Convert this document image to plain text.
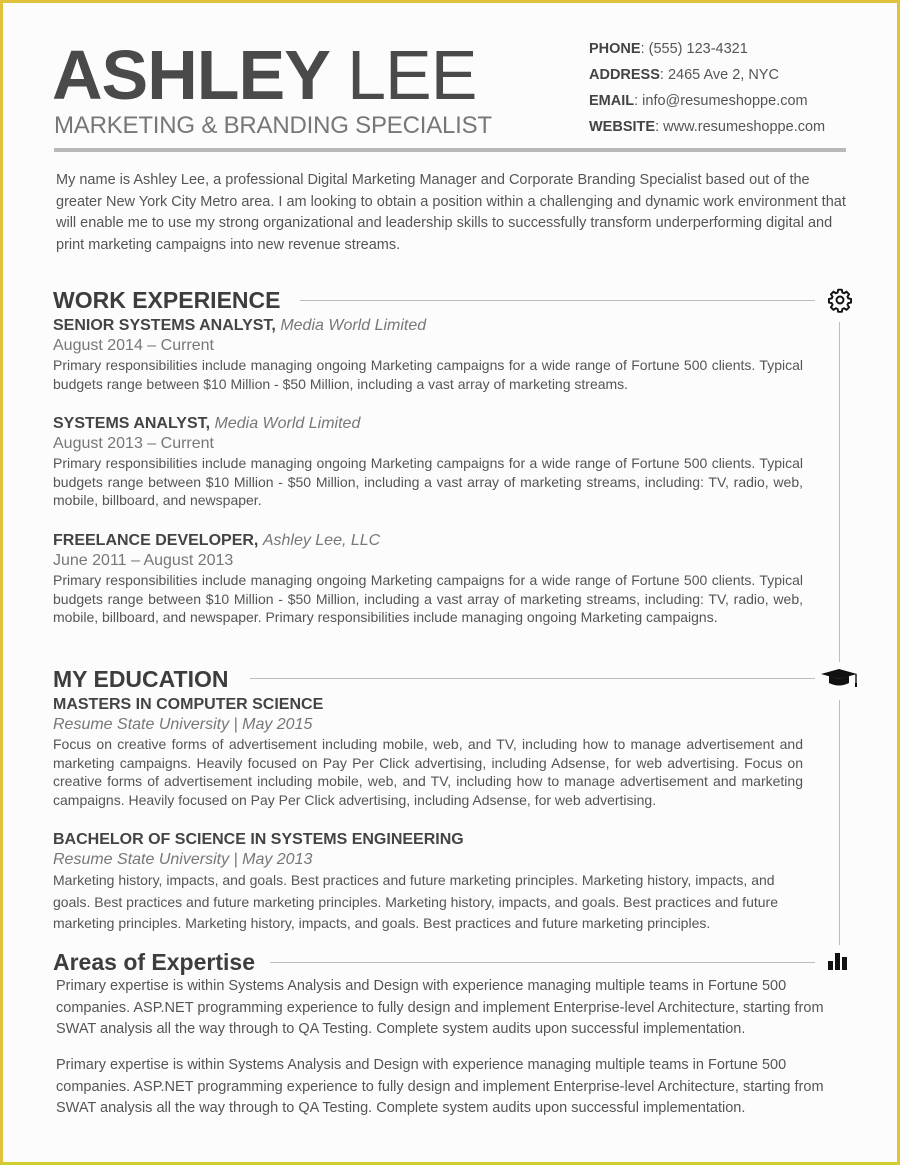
ASHLEY LEE
MARKETING & BRANDING SPECIALIST
PHONE: (555) 123-4321
ADDRESS: 2465 Ave 2, NYC
EMAIL: info@resumeshoppe.com
WEBSITE: www.resumeshoppe.com
My name is Ashley Lee, a professional Digital Marketing Manager and Corporate Branding Specialist based out of the greater New York City Metro area. I am looking to obtain a position within a challenging and dynamic work environment that will enable me to use my strong organizational and leadership skills to successfully transform underperforming digital and print marketing campaigns into new revenue streams.
WORK EXPERIENCE
SENIOR SYSTEMS ANALYST, Media World Limited
August 2014 – Current
Primary responsibilities include managing ongoing Marketing campaigns for a wide range of Fortune 500 clients. Typical budgets range between $10 Million - $50 Million, including a vast array of marketing streams.
SYSTEMS ANALYST, Media World Limited
August 2013 – Current
Primary responsibilities include managing ongoing Marketing campaigns for a wide range of Fortune 500 clients. Typical budgets range between $10 Million - $50 Million, including a vast array of marketing streams, including: TV, radio, web, mobile, billboard, and newspaper.
FREELANCE DEVELOPER, Ashley Lee, LLC
June 2011 – August 2013
Primary responsibilities include managing ongoing Marketing campaigns for a wide range of Fortune 500 clients. Typical budgets range between $10 Million - $50 Million, including a vast array of marketing streams, including: TV, radio, web, mobile, billboard, and newspaper. Primary responsibilities include managing ongoing Marketing campaigns.
MY EDUCATION
MASTERS IN COMPUTER SCIENCE
Resume State University | May 2015
Focus on creative forms of advertisement including mobile, web, and TV, including how to manage advertisement and marketing campaigns. Heavily focused on Pay Per Click advertising, including Adsense, for web advertising. Focus on creative forms of advertisement including mobile, web, and TV, including how to manage advertisement and marketing campaigns. Heavily focused on Pay Per Click advertising, including Adsense, for web advertising.
BACHELOR OF SCIENCE IN SYSTEMS ENGINEERING
Resume State University | May 2013
Marketing history, impacts, and goals. Best practices and future marketing principles. Marketing history, impacts, and goals. Best practices and future marketing principles. Marketing history, impacts, and goals. Best practices and future marketing principles. Marketing history, impacts, and goals. Best practices and future marketing principles.
Areas of Expertise
Primary expertise is within Systems Analysis and Design with experience managing multiple teams in Fortune 500 companies. ASP.NET programming experience to fully design and implement Enterprise-level Architecture, starting from SWAT analysis all the way through to QA Testing. Complete system audits upon successful implementation.
Primary expertise is within Systems Analysis and Design with experience managing multiple teams in Fortune 500 companies. ASP.NET programming experience to fully design and implement Enterprise-level Architecture, starting from SWAT analysis all the way through to QA Testing. Complete system audits upon successful implementation.
